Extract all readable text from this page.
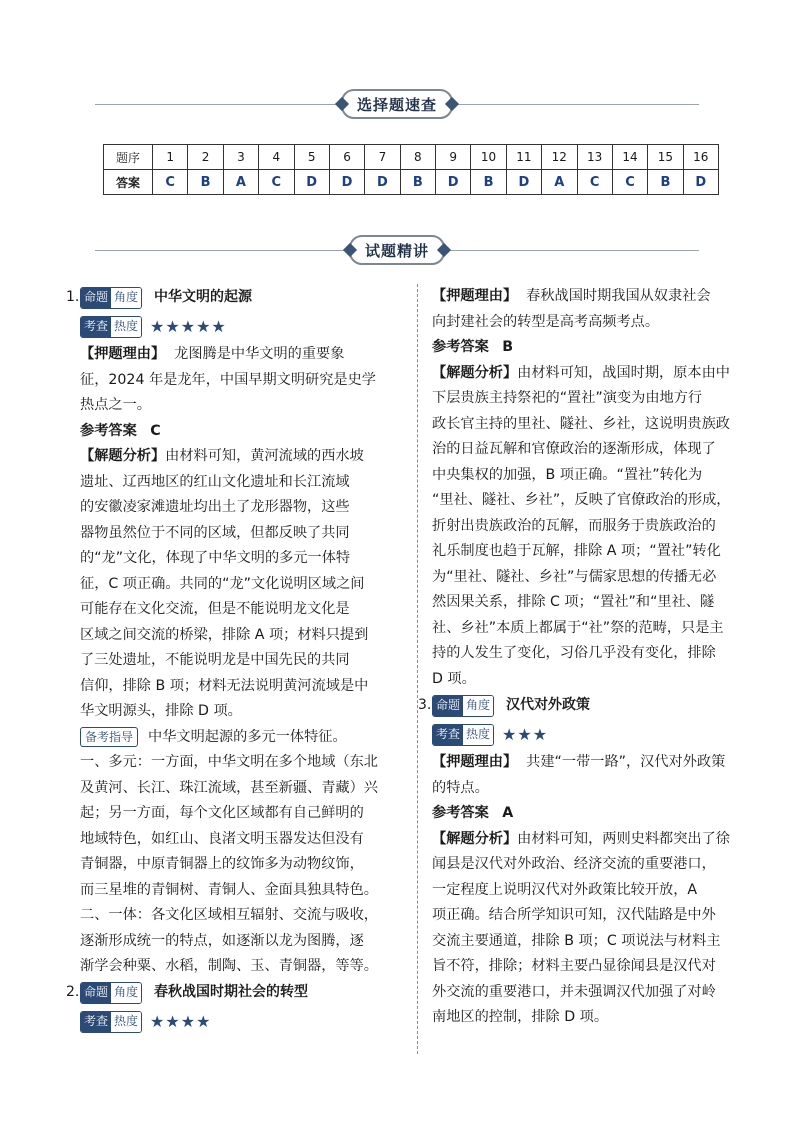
选择题速查
题序	1	2	3	4	5	6	7	8	9	10	11	12	13	14	15	16
答案	C	B	A	C	D	D	D	B	D	B	D	A	C	C	B	D
试题精讲
1. 命题 角度 中华文明的起源
考查 热度 ★★★★★
【押题理由】 龙图腾是中华文明的重要象
征，2024 年是龙年，中国早期文明研究是史学
热点之一。
参考答案 C
【解题分析】由材料可知，黄河流域的西水坡
遗址、辽西地区的红山文化遗址和长江流域
的安徽凌家滩遗址均出土了龙形器物，这些
器物虽然位于不同的区域，但都反映了共同
的“龙”文化，体现了中华文明的多元一体特
征，C 项正确。共同的“龙”文化说明区域之间
可能存在文化交流，但是不能说明龙文化是
区域之间交流的桥梁，排除 A 项；材料只提到
了三处遗址，不能说明龙是中国先民的共同
信仰，排除 B 项；材料无法说明黄河流域是中
华文明源头，排除 D 项。
备考指导 中华文明起源的多元一体特征。
一、多元：一方面，中华文明在多个地域（东北
及黄河、长江、珠江流域，甚至新疆、青藏）兴
起；另一方面，每个文化区域都有自己鲜明的
地域特色，如红山、良渚文明玉器发达但没有
青铜器，中原青铜器上的纹饰多为动物纹饰，
而三星堆的青铜树、青铜人、金面具独具特色。
二、一体：各文化区域相互辐射、交流与吸收，
逐渐形成统一的特点，如逐渐以龙为图腾，逐
渐学会种粟、水稻，制陶、玉、青铜器，等等。
2. 命题 角度 春秋战国时期社会的转型
考查 热度 ★★★★
【押题理由】 春秋战国时期我国从奴隶社会
向封建社会的转型是高考高频考点。
参考答案 B
【解题分析】由材料可知，战国时期，原本由中
下层贵族主持祭祀的“置社”演变为由地方行
政长官主持的里社、隧社、乡社，这说明贵族政
治的日益瓦解和官僚政治的逐渐形成，体现了
中央集权的加强，B 项正确。“置社”转化为
“里社、隧社、乡社”，反映了官僚政治的形成，
折射出贵族政治的瓦解，而服务于贵族政治的
礼乐制度也趋于瓦解，排除 A 项；“置社”转化
为“里社、隧社、乡社”与儒家思想的传播无必
然因果关系，排除 C 项；“置社”和“里社、隧
社、乡社”本质上都属于“社”祭的范畴，只是主
持的人发生了变化，习俗几乎没有变化，排除
D 项。
3. 命题 角度 汉代对外政策
考查 热度 ★★★
【押题理由】 共建“一带一路”，汉代对外政策
的特点。
参考答案 A
【解题分析】由材料可知，两则史料都突出了徐
闻县是汉代对外政治、经济交流的重要港口，
一定程度上说明汉代对外政策比较开放，A
项正确。结合所学知识可知，汉代陆路是中外
交流主要通道，排除 B 项；C 项说法与材料主
旨不符，排除；材料主要凸显徐闻县是汉代对
外交流的重要港口，并未强调汉代加强了对岭
南地区的控制，排除 D 项。
